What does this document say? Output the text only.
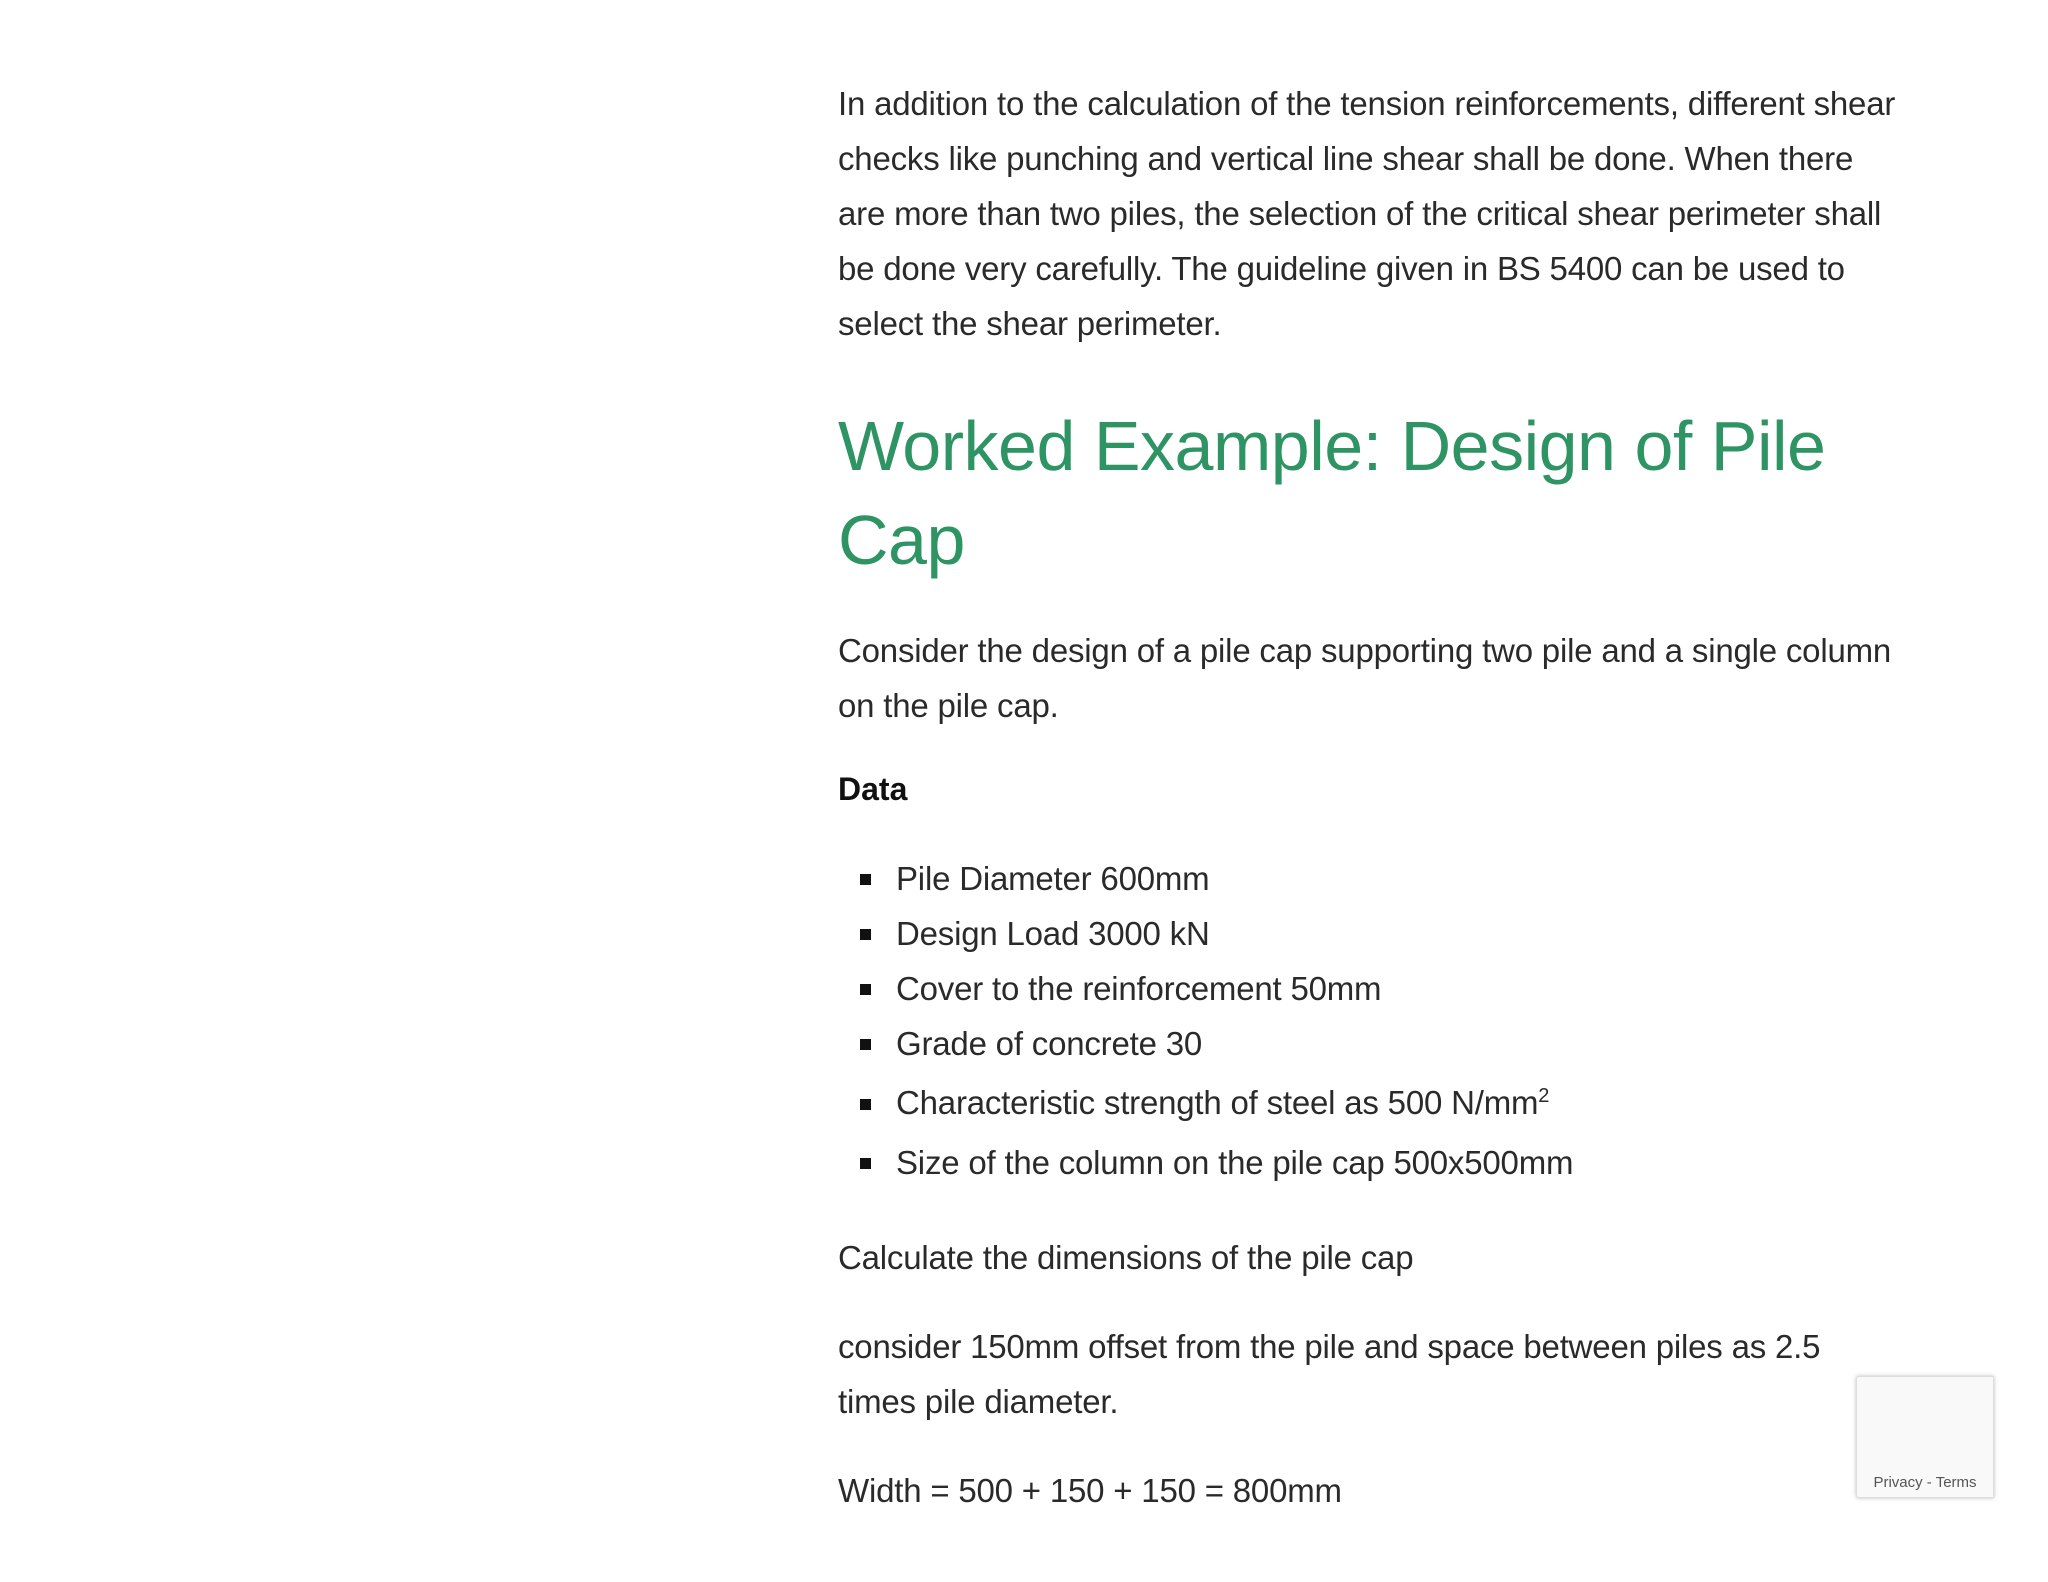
In addition to the calculation of the tension reinforcements, different shear checks like punching and vertical line shear shall be done. When there are more than two piles, the selection of the critical shear perimeter shall be done very carefully. The guideline given in BS 5400 can be used to select the shear perimeter.

Worked Example: Design of Pile Cap

Consider the design of a pile cap supporting two pile and a single column on the pile cap.

Data

Pile Diameter 600mm
Design Load 3000 kN
Cover to the reinforcement 50mm
Grade of concrete 30
Characteristic strength of steel as 500 $N/mm^2$
Size of the column on the pile cap 500x500mm

Calculate the dimensions of the pile cap

consider 150mm offset from the pile and space between piles as 2.5 times pile diameter.

Width = 500 + 150 + 150 = 800mm	Privacy - Terms
